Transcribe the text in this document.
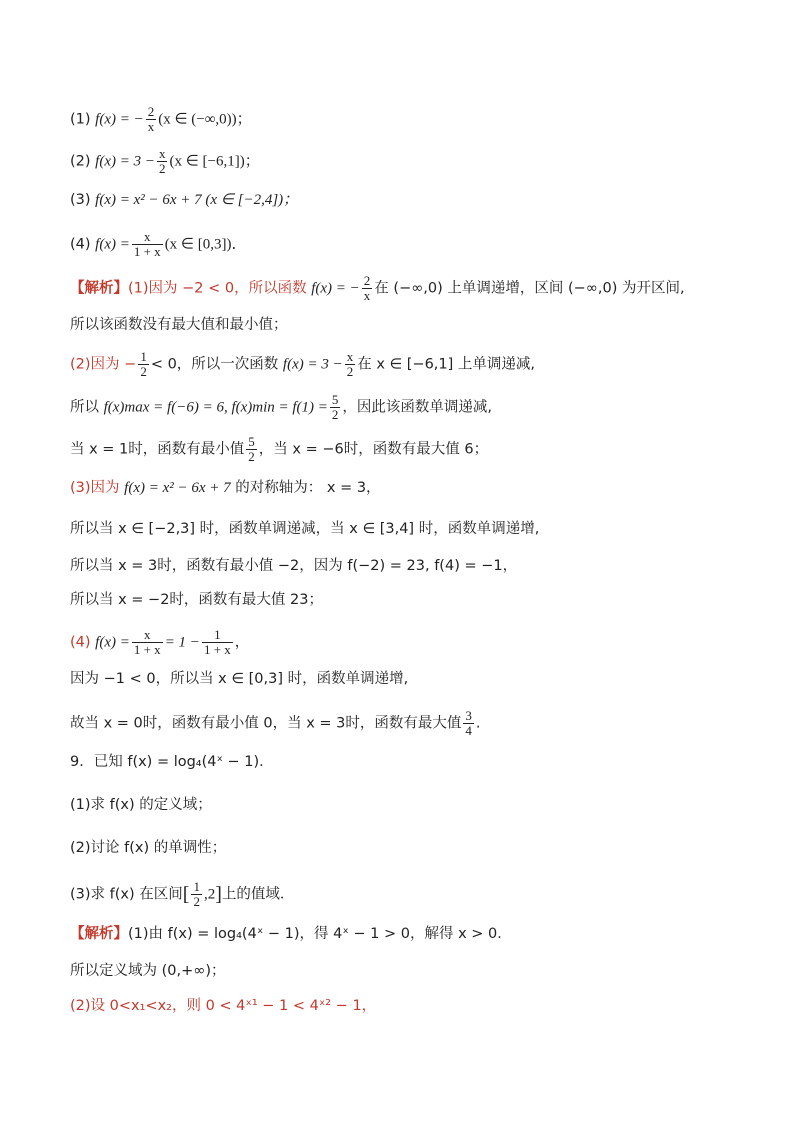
(1) f(x) = − $\frac{2}{x} (x$ ∈ (−∞,0))；
(2) $f(x) = 3 - \frac{x}{2} (x$ ∈ [−6,1])；
(3) f(x) = x² − 6x + 7 (x ∈ [−2,4])；
(4) $f(x) = \frac{x}{1 + x} (x$ ∈ [0,3])．
【解析】(1)因为 −2 < 0，所以函数 f(x) = − $\frac{2}{x}$ 在 (−∞,0) 上单调递增，区间 (−∞,0) 为开区间,
所以该函数没有最大值和最小值；
(2)因为 − $\frac{1}{2} < 0$，所以一次函数 $f(x) = 3 - \frac{x}{2}$ 在 x ∈ [−6,1] 上单调递减,
所以 f(x)max = f(−6) = 6, $f(x)\min = f(1) = \frac{5}{2}$ ，因此该函数单调递减,
当 x = 1时，函数有最小值 $\frac{5}{2}$ ，当 x = −6时，函数有最大值 6；
(3)因为 f(x) = x² − 6x + 7 的对称轴为： x = 3，
所以当 x ∈ [−2,3] 时，函数单调递减，当 x ∈ [3,4] 时，函数单调递增,
所以当 x = 3时，函数有最小值 −2，因为 f(−2) = 23, f(4) = −1，
所以当 x = −2时，函数有最大值 23；
(4) $f(x) = \frac{x}{1 + x} = 1 - \frac{1}{1 + x}$ ，
因为 −1 < 0，所以当 x ∈ [0,3] 时，函数单调递增,
故当 x = 0时，函数有最小值 0，当 x = 3时，函数有最大值 $\frac{3}{4}$ .
9．已知 f(x) = log₄(4ˣ − 1)．
(1)求 f(x) 的定义域；
(2)讨论 f(x) 的单调性；
(3)求 f(x) 在区间[ $\frac{1}{2} ,2$]上的值域．
【解析】(1)由 f(x) = log₄(4ˣ − 1)，得 4ˣ − 1 > 0，解得 x > 0．
所以定义域为 (0,+∞)；
(2)设 0<x₁<x₂，则 0 < 4ˣ¹ − 1 < 4ˣ² − 1，
